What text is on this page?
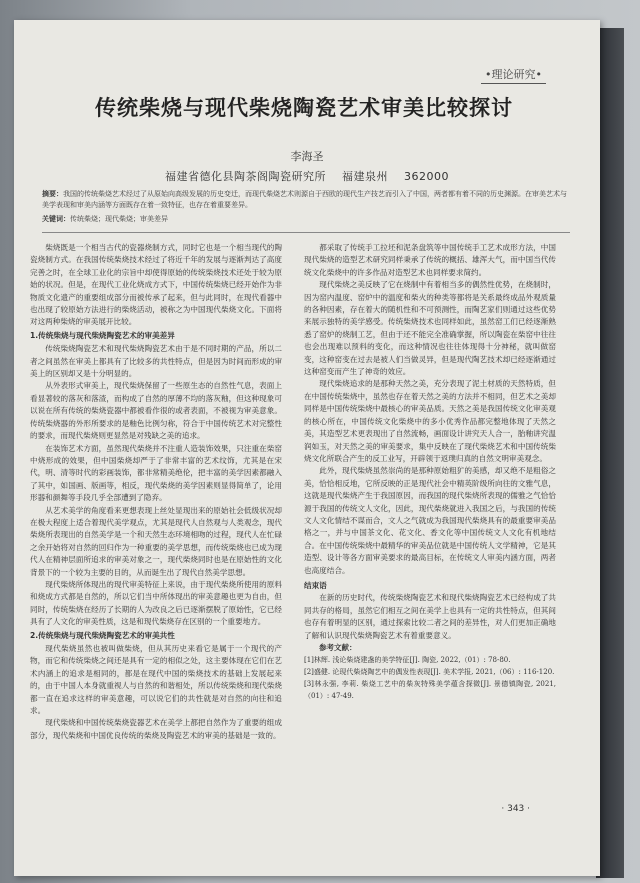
•理论研究•
传统柴烧与现代柴烧陶瓷艺术审美比较探讨
李海圣
福建省德化县陶茶阁陶瓷研究所 福建泉州 362000
摘要：我国的传统柴烧艺术经过了从原始向高级发展的历史变迁，而现代柴烧艺术则源自于西欧的现代生产技艺而引入了中国，两者都有着不同的历史渊源。在审美艺术与美学表现和审美内涵等方面既存在着一致特征，也存在着重要差异。
关键词：传统柴烧；现代柴烧；审美差异

柴烧既是一个相当古代的瓷器烧制方式，同时它也是一个相当现代的陶瓷烧制方式。在我国传统柴烧技术经过了将近千年的发展与逐渐判达了高度完善之时，在全球工业化的宗旨中却使得原始的传统柴烧技术还处于较为原始的状况。但是，在现代工业化烧成方式下，中国传统柴烧已经开始作为非物质文化遗产的重要组成部分而被传承了起来，但与此同时，在现代看器中也出现了较原始方法进行的柴烧活动，被称之为中国现代柴烧文化。下面将对这两种柴烧的审美展开比较。

1.传统柴烧与现代柴烧陶瓷艺术的审美差异

传统柴烧陶瓷艺术和现代柴烧陶瓷艺术由于是不同时期的产品，所以二者之间虽然在审美上都具有了比较多的共性特点，但是因为时间而形成的审美上的区别却又是十分明显的。

从外表形式审美上，现代柴烧保留了一些原生态的自然性气息，表面上看显著较的落灰和落渣，而构成了自然的厚薄不均的落灰釉，但这种现象可以说在所有传统的柴烧瓷器中都被看作很的或者表面，不被视为审美意象。传统柴烧器的外形所要求的是釉色比例匀称，符合于中国传统艺术对完整性的要求，而现代柴烧则更显然是对残缺之美的追求。

在装饰艺术方面，虽然现代柴烧并不注重人造装饰效果，只注重在柴窑中烧形成的效果，但中国柴烧却严于了非常丰富的艺术纹饰，尤其是在宋代，明、清等时代的彩画装饰，都非常精美绝伦，把丰富的美学因素都融入了其中，如国画、版画等，相反，现代柴烧的美学因素则显得简单了，论用形器和颜舞等手段几乎全部遭到了隐弃。

从艺术美学的角度看来更想表现上丝处显现出来的原始社会低级状况却在极大程度上适合着现代美学观点，尤其是现代人自然观与人类观念，现代柴烧所表现出的自然美学是一个和天然生态环境相吻的过程，现代人在忙碌之余开始将对自然的回归作为一种重要的美学思想，而传统柴烧也已成为现代人在精神层面所追求的审美对象之一，现代柴烧同时也是在原始性的文化背景下的一个较为主要的目的，从而诞生出了现代自然美学思想。

现代柴烧所体现出的现代审美特征上来说，由于现代柴烧所使用的原料和烧成方式都是自然的，所以它们当中所体现出的审美意趣也更为自由，但同时，传统柴烧在经历了长期的人为改良之后已逐渐摆脱了原始性，它已经具有了人文化的审美性质，这是和现代柴烧存在区别的一个重要地方。

2.传统柴烧与现代柴烧陶瓷艺术的审美共性

现代柴烧虽然也被叫做柴烧，但从其历史来看它是属于一个现代的产物，而它和传统柴烧之间还是具有一定的相似之处，这主要体现在它们在艺术内涵上的追求是相同的，都是在现代中国的柴烧技术的基础上发展起来的，由于中国人本身就重视人与自然的和谐相处，所以传统柴烧和现代柴烧都一直在追求这样的审美意趣，可以说它们的共性就是对自然的向往和追求。

现代柴烧和中国传统柴烧瓷器艺术在美学上都把自然作为了重要的组成部分，现代柴烧和中国优良传统的柴烧及陶瓷艺术的审美的基础是一致的。

都采取了传统手工拉坯和泥条盘筑等中国传统手工艺术成形方法，中国现代柴烧的造型艺术研究同样秉承了传统的概括、雄浑大气，而中国当代传统文化柴烧中的许多作品对造型艺术也同样要求简约。

现代柴烧之美反映了它在烧制中有着相当多的偶然性优势，在烧制时，因为窑内温度、窑炉中的温度和柴火的种类等都将是关系最终成品外观质量的各种因素，存在着大的随机性和不可预测性，而陶艺家们则通过这些优势来展示独特的美学感受。传统柴烧技术也同样如此，虽然窑工们已经逐渐熟悉了窑炉的烧制工艺，但由于还不能完全准确掌握，所以陶瓷在柴窑中往往也会出现难以预料的变化，而这种情况也往往体现得十分神秘，就叫做窑变，这种窑变在过去是被人们当做灵异，但是现代陶艺技术却已经逐渐通过这种窑变而产生了神奇的效应。

现代柴烧追求的是那种天然之美，充分表现了泥土材质的天然特质，但在中国传统柴烧中，虽然也存在着天然之美的方法并不相同，但艺术之美却同样是中国传统柴烧中最核心的审美品质。天然之美是我国传统文化审美观的核心所在，中国传统文化柴烧中的多小优秀作品都完整地体现了天然之美，其造型艺术更表现出了自然流畅，画面设计讲究天人合一，胎釉讲究温润如玉，对天然之美的审美要求，集中反映在了现代柴烧艺术和中国传统柴烧文化所联合产生的反工业写，开辟领于返璞归真的自然文明审美观念。

此外，现代柴烧虽然崇尚的是那种原始粗犷的美感，却又绝不是粗俗之美，恰恰相反地，它所反映的正是现代社会中精英阶级所向往的文雅气息，这就是现代柴烧产生于我国原因，而我国的现代柴烧所表现的儒雅之气恰恰源于我国的传统文人文化，因此，现代柴烧就进入我国之后，与我国的传统文人文化情结不谋而合，文人之气就成为我国现代柴烧具有的最重要审美品格之一，并与中国茶文化、花文化、香文化等中国传统文人文化有机地结合。在中国传统柴烧中最精华的审美品位就是中国传统人文学精神，它是其造型、设计等各方面审美要求的最高目标，在传统文人审美内涵方面，两者也高度结合。

结束语

在新的历史时代，传统柴烧陶瓷艺术和现代柴烧陶瓷艺术已经构成了共同共存的格局，虽然它们相互之间在美学上也具有一定的共性特点，但其间也存有着明显的区别，通过探索比较二者之间的差异性，对人们更加正确地了解和认识现代柴烧陶瓷艺术有着重要意义。

参考文献：

[1]林辉. 浅论柴烧建盏的美学特征[J]. 陶瓷, 2022,（01）: 78-80.

[2]盛健. 论现代柴烧陶艺中的偶发性表现[J]. 美术学报, 2021,（06）: 116-120.

[3]林永强, 李莉. 柴烧工艺中的柴灰特殊美学蕴含探微[J]. 景德镇陶瓷, 2021,（01）: 47-49.

· 343 ·
